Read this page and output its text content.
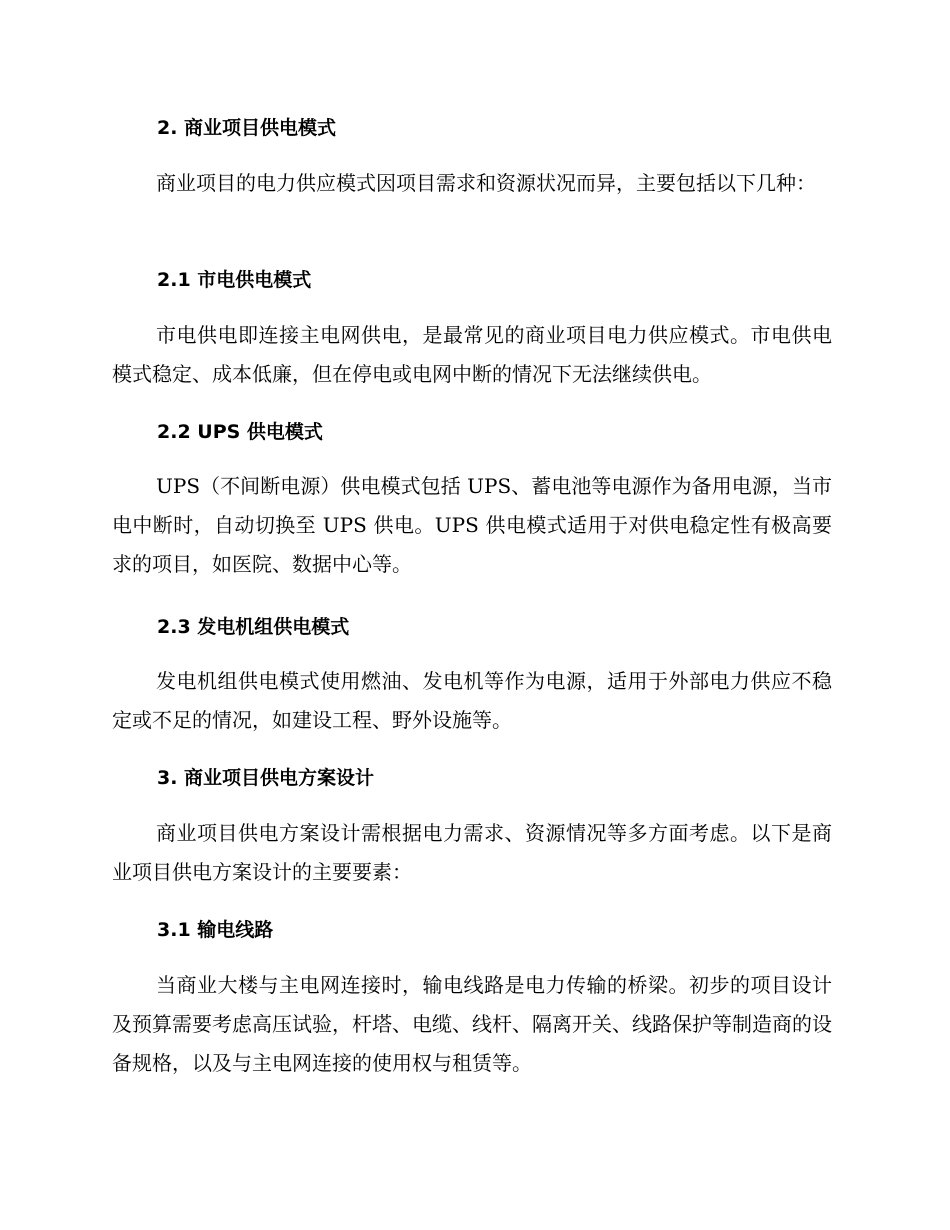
2. 商业项目供电模式

商业项目的电力供应模式因项目需求和资源状况而异，主要包括以下几种：

2.1 市电供电模式

市电供电即连接主电网供电，是最常见的商业项目电力供应模式。市电供电模式稳定、成本低廉，但在停电或电网中断的情况下无法继续供电。

2.2 UPS 供电模式

UPS（不间断电源）供电模式包括 UPS、蓄电池等电源作为备用电源，当市电中断时，自动切换至 UPS 供电。UPS 供电模式适用于对供电稳定性有极高要求的项目，如医院、数据中心等。

2.3 发电机组供电模式

发电机组供电模式使用燃油、发电机等作为电源，适用于外部电力供应不稳定或不足的情况，如建设工程、野外设施等。

3. 商业项目供电方案设计

商业项目供电方案设计需根据电力需求、资源情况等多方面考虑。以下是商业项目供电方案设计的主要要素：

3.1 输电线路

当商业大楼与主电网连接时，输电线路是电力传输的桥梁。初步的项目设计及预算需要考虑高压试验，杆塔、电缆、线杆、隔离开关、线路保护等制造商的设备规格，以及与主电网连接的使用权与租赁等。
